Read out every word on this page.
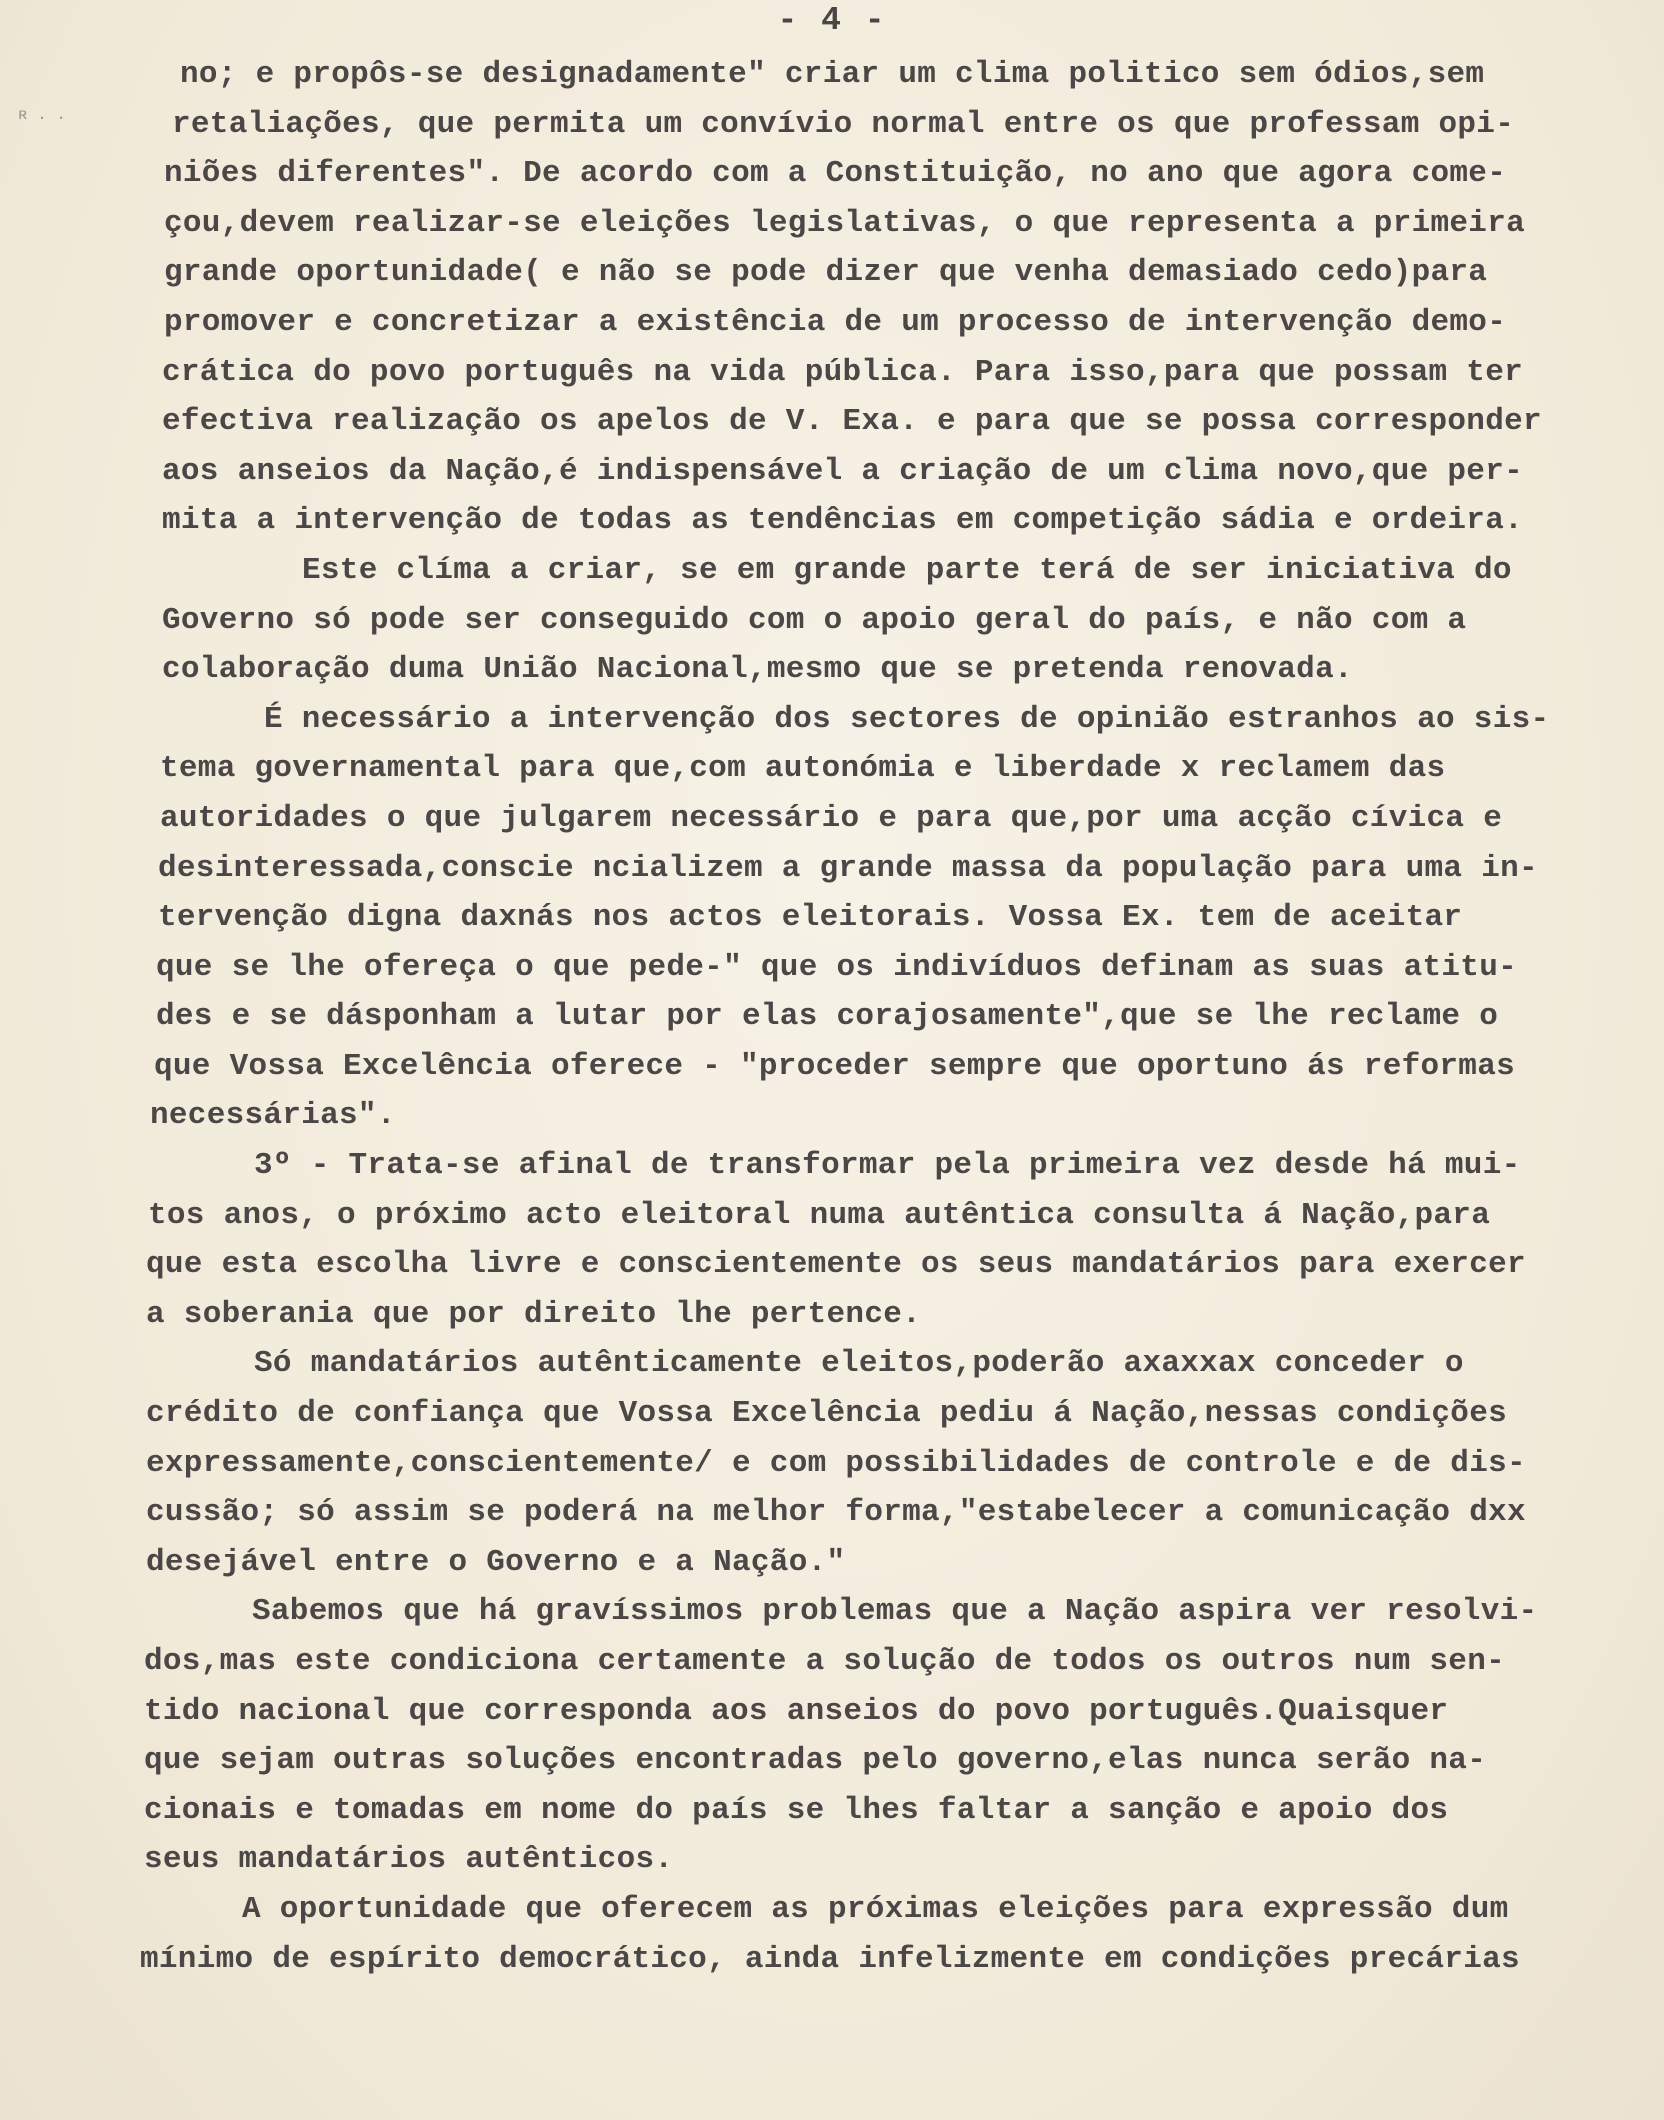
- 4 -
ʀ . .
no; e propôs-se designadamente" criar um clima politico sem ódios,sem
retaliações, que permita um convívio normal entre os que professam opi-
niões diferentes". De acordo com a Constituição, no ano que agora come-
çou,devem realizar-se eleições legislativas, o que representa a primeira
grande oportunidade( e não se pode dizer que venha demasiado cedo)para
promover e concretizar a existência de um processo de intervenção demo-
crática do povo português na vida pública. Para isso,para que possam ter
efectiva realização os apelos de V. Exa. e para que se possa corresponder
aos anseios da Nação,é indispensável a criação de um clima novo,que per-
mita a intervenção de todas as tendências em competição sádia e ordeira.
Este clíma a criar, se em grande parte terá de ser iniciativa do
Governo só pode ser conseguido com o apoio geral do país, e não com a
colaboração duma União Nacional,mesmo que se pretenda renovada.
É necessário a intervenção dos sectores de opinião estranhos ao sis-
tema governamental para que,com autonómia e liberdade x reclamem das
autoridades o que julgarem necessário e para que,por uma acção cívica e
desinteressada,conscie ncializem a grande massa da população para uma in-
tervenção digna daxnás nos actos eleitorais. Vossa Ex. tem de aceitar
que se lhe ofereça o que pede-" que os indivíduos definam as suas atitu-
des e se dásponham a lutar por elas corajosamente",que se lhe reclame o
que Vossa Excelência oferece - "proceder sempre que oportuno ás reformas
necessárias".
3º - Trata-se afinal de transformar pela primeira vez desde há mui-
tos anos, o próximo acto eleitoral numa autêntica consulta á Nação,para
que esta escolha livre e conscientemente os seus mandatários para exercer
a soberania que por direito lhe pertence.
Só mandatários autênticamente eleitos,poderão axaxxax conceder o
crédito de confiança que Vossa Excelência pediu á Nação,nessas condições
expressamente,conscientemente/ e com possibilidades de controle e de dis-
cussão; só assim se poderá na melhor forma,"estabelecer a comunicação dxx
desejável entre o Governo e a Nação."
Sabemos que há gravíssimos problemas que a Nação aspira ver resolvi-
dos,mas este condiciona certamente a solução de todos os outros num sen-
tido nacional que corresponda aos anseios do povo português.Quaisquer
que sejam outras soluções encontradas pelo governo,elas nunca serão na-
cionais e tomadas em nome do país se lhes faltar a sanção e apoio dos
seus mandatários autênticos.
A oportunidade que oferecem as próximas eleições para expressão dum
mínimo de espírito democrático, ainda infelizmente em condições precárias
